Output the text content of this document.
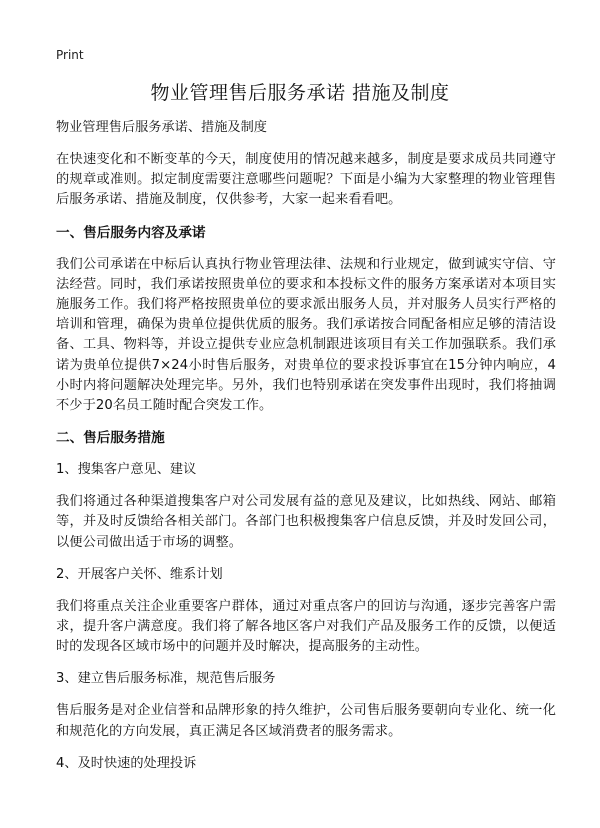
Print
物业管理售后服务承诺 措施及制度
物业管理售后服务承诺、措施及制度

在快速变化和不断变革的今天，制度使用的情况越来越多，制度是要求成员共同遵守的规章或准则。拟定制度需要注意哪些问题呢？下面是小编为大家整理的物业管理售后服务承诺、措施及制度，仅供参考，大家一起来看看吧。

一、售后服务内容及承诺

我们公司承诺在中标后认真执行物业管理法律、法规和行业规定，做到诚实守信、守法经营。同时，我们承诺按照贵单位的要求和本投标文件的服务方案承诺对本项目实施服务工作。我们将严格按照贵单位的要求派出服务人员，并对服务人员实行严格的培训和管理，确保为贵单位提供优质的服务。我们承诺按合同配备相应足够的清洁设备、工具、物料等，并设立提供专业应急机制跟进该项目有关工作加强联系。我们承诺为贵单位提供7×24小时售后服务，对贵单位的要求投诉事宜在15分钟内响应，4小时内将问题解决处理完毕。另外，我们也特别承诺在突发事件出现时，我们将抽调不少于20名员工随时配合突发工作。

二、售后服务措施
1、搜集客户意见、建议

我们将通过各种渠道搜集客户对公司发展有益的意见及建议，比如热线、网站、邮箱等，并及时反馈给各相关部门。各部门也积极搜集客户信息反馈，并及时发回公司，以便公司做出适于市场的调整。

2、开展客户关怀、维系计划

我们将重点关注企业重要客户群体，通过对重点客户的回访与沟通，逐步完善客户需求，提升客户满意度。我们将了解各地区客户对我们产品及服务工作的反馈，以便适时的发现各区域市场中的问题并及时解决，提高服务的主动性。

3、建立售后服务标准，规范售后服务

售后服务是对企业信誉和品牌形象的持久维护，公司售后服务要朝向专业化、统一化和规范化的方向发展，真正满足各区域消费者的服务需求。

4、及时快速的处理投诉
